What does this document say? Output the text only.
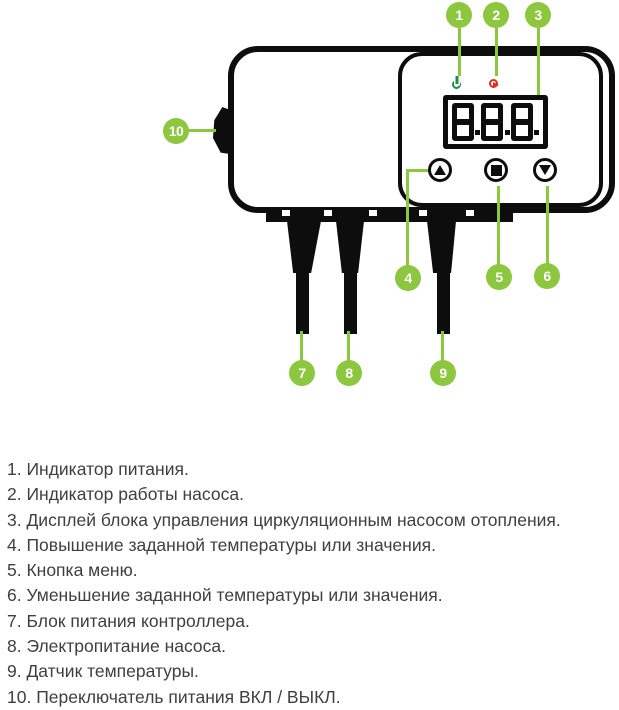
1	2	3
4	5	6
7	8	9
10
1. Индикатор питания.
2. Индикатор работы насоса.
3. Дисплей блока управления циркуляционным насосом отопления.
4. Повышение заданной температуры или значения.
5. Кнопка меню.
6. Уменьшение заданной температуры или значения.
7. Блок питания контроллера.
8. Электропитание насоса.
9. Датчик температуры.
10. Переключатель питания ВКЛ / ВЫКЛ.
